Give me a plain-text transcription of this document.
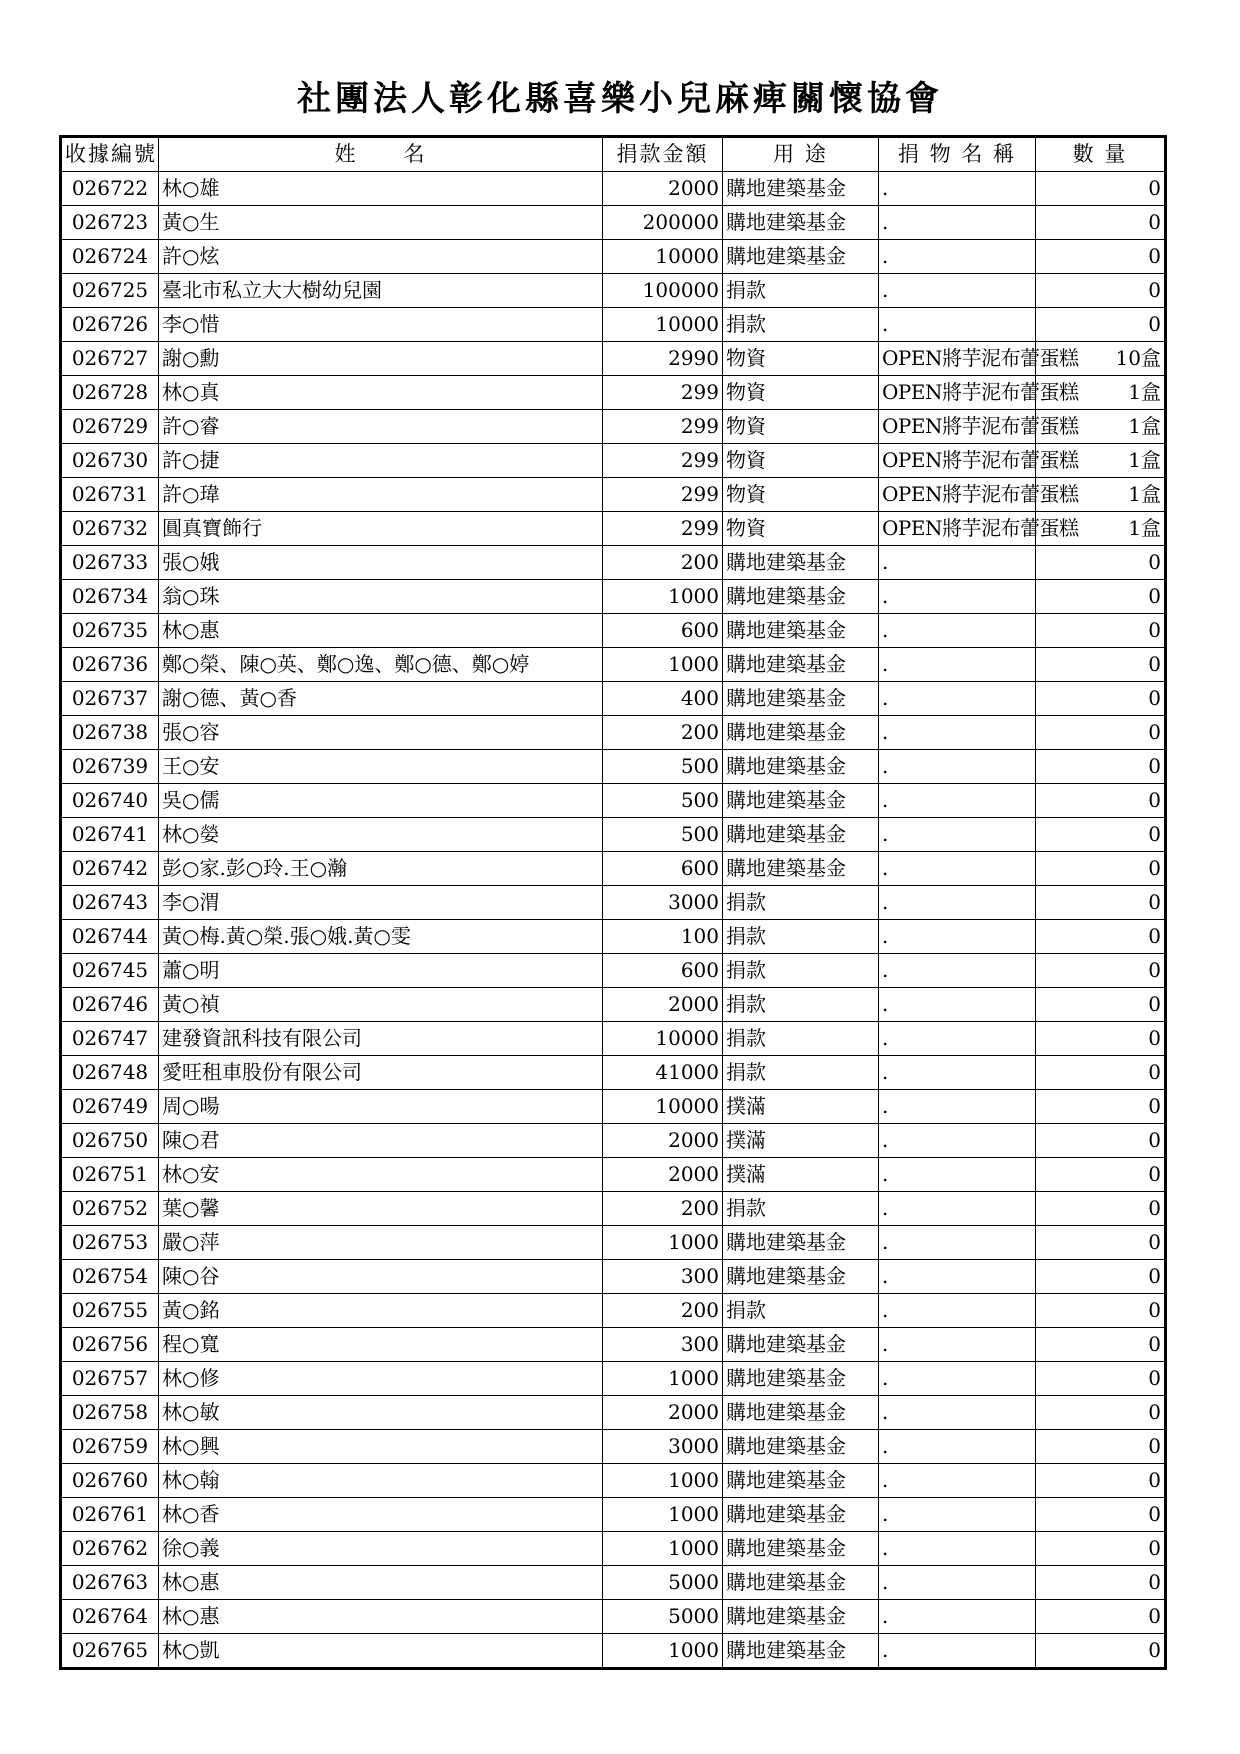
社團法人彰化縣喜樂小兒麻痺關懷協會
收據編號	姓　　名	捐款金額	用 途	捐 物 名 稱	數 量
026722	林○雄	2000	購地建築基金	.	0
026723	黃○生	200000	購地建築基金	.	0
026724	許○炫	10000	購地建築基金	.	0
026725	臺北市私立大大樹幼兒園	100000	捐款	.	0
026726	李○惜	10000	捐款	.	0
026727	謝○勳	2990	物資	OPEN將芋泥布蕾蛋糕	10盒
026728	林○真	299	物資	OPEN將芋泥布蕾蛋糕	1盒
026729	許○睿	299	物資	OPEN將芋泥布蕾蛋糕	1盒
026730	許○捷	299	物資	OPEN將芋泥布蕾蛋糕	1盒
026731	許○瑋	299	物資	OPEN將芋泥布蕾蛋糕	1盒
026732	圓真寶飾行	299	物資	OPEN將芋泥布蕾蛋糕	1盒
026733	張○娥	200	購地建築基金	.	0
026734	翁○珠	1000	購地建築基金	.	0
026735	林○惠	600	購地建築基金	.	0
026736	鄭○榮、陳○英、鄭○逸、鄭○德、鄭○婷	1000	購地建築基金	.	0
026737	謝○德、黃○香	400	購地建築基金	.	0
026738	張○容	200	購地建築基金	.	0
026739	王○安	500	購地建築基金	.	0
026740	吳○儒	500	購地建築基金	.	0
026741	林○嫈	500	購地建築基金	.	0
026742	彭○家.彭○玲.王○瀚	600	購地建築基金	.	0
026743	李○渭	3000	捐款	.	0
026744	黃○梅.黃○榮.張○娥.黃○雯	100	捐款	.	0
026745	蕭○明	600	捐款	.	0
026746	黃○禎	2000	捐款	.	0
026747	建發資訊科技有限公司	10000	捐款	.	0
026748	愛旺租車股份有限公司	41000	捐款	.	0
026749	周○暘	10000	撲滿	.	0
026750	陳○君	2000	撲滿	.	0
026751	林○安	2000	撲滿	.	0
026752	葉○馨	200	捐款	.	0
026753	嚴○萍	1000	購地建築基金	.	0
026754	陳○谷	300	購地建築基金	.	0
026755	黃○銘	200	捐款	.	0
026756	程○寬	300	購地建築基金	.	0
026757	林○修	1000	購地建築基金	.	0
026758	林○敏	2000	購地建築基金	.	0
026759	林○興	3000	購地建築基金	.	0
026760	林○翰	1000	購地建築基金	.	0
026761	林○香	1000	購地建築基金	.	0
026762	徐○義	1000	購地建築基金	.	0
026763	林○惠	5000	購地建築基金	.	0
026764	林○惠	5000	購地建築基金	.	0
026765	林○凱	1000	購地建築基金	.	0
